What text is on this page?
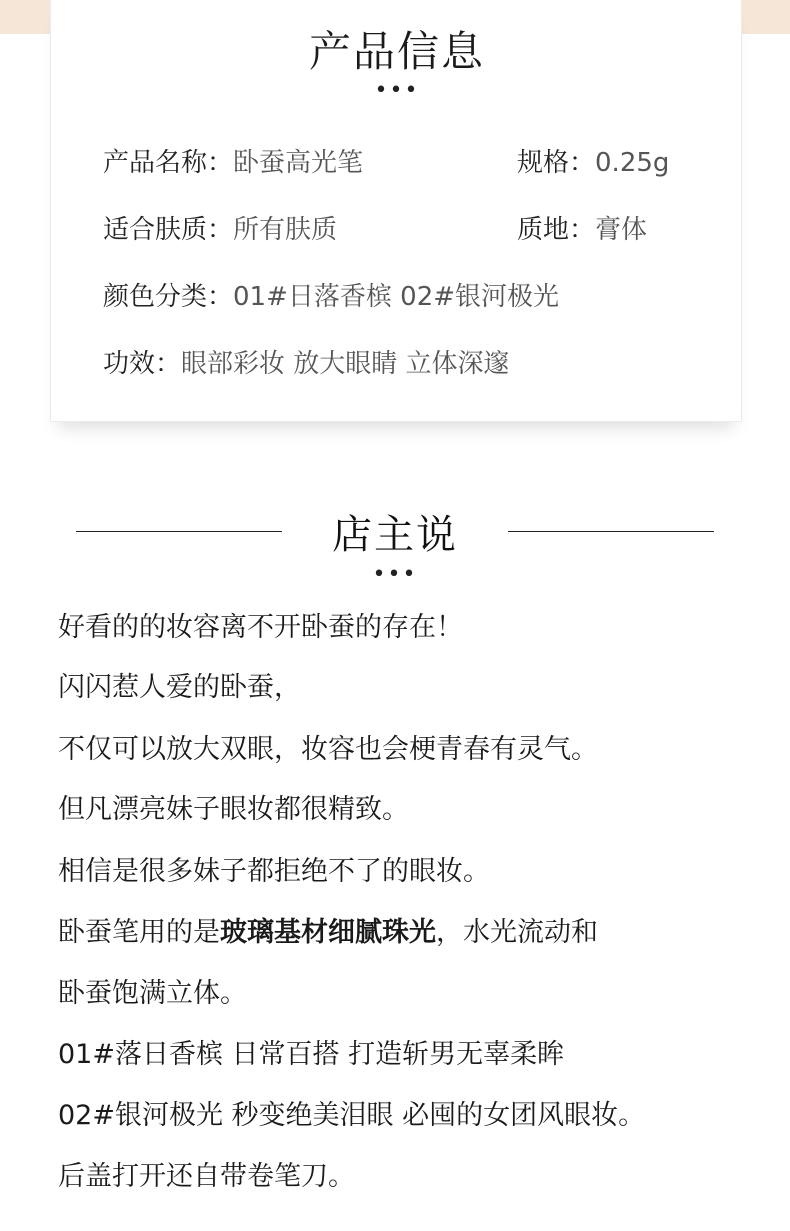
产品信息
•••
产品名称：卧蚕高光笔	规格：0.25g
适合肤质：所有肤质	质地：膏体
颜色分类：01#日落香槟 02#银河极光
功效：眼部彩妆 放大眼睛 立体深邃
店主说
•••
好看的的妆容离不开卧蚕的存在！
闪闪惹人爱的卧蚕，
不仅可以放大双眼，妆容也会梗青春有灵气。
但凡漂亮妹子眼妆都很精致。
相信是很多妹子都拒绝不了的眼妆。
卧蚕笔用的是玻璃基材细腻珠光，水光流动和
卧蚕饱满立体。
01#落日香槟 日常百搭 打造斩男无辜柔眸
02#银河极光 秒变绝美泪眼 必囤的女团风眼妆。
后盖打开还自带卷笔刀。
